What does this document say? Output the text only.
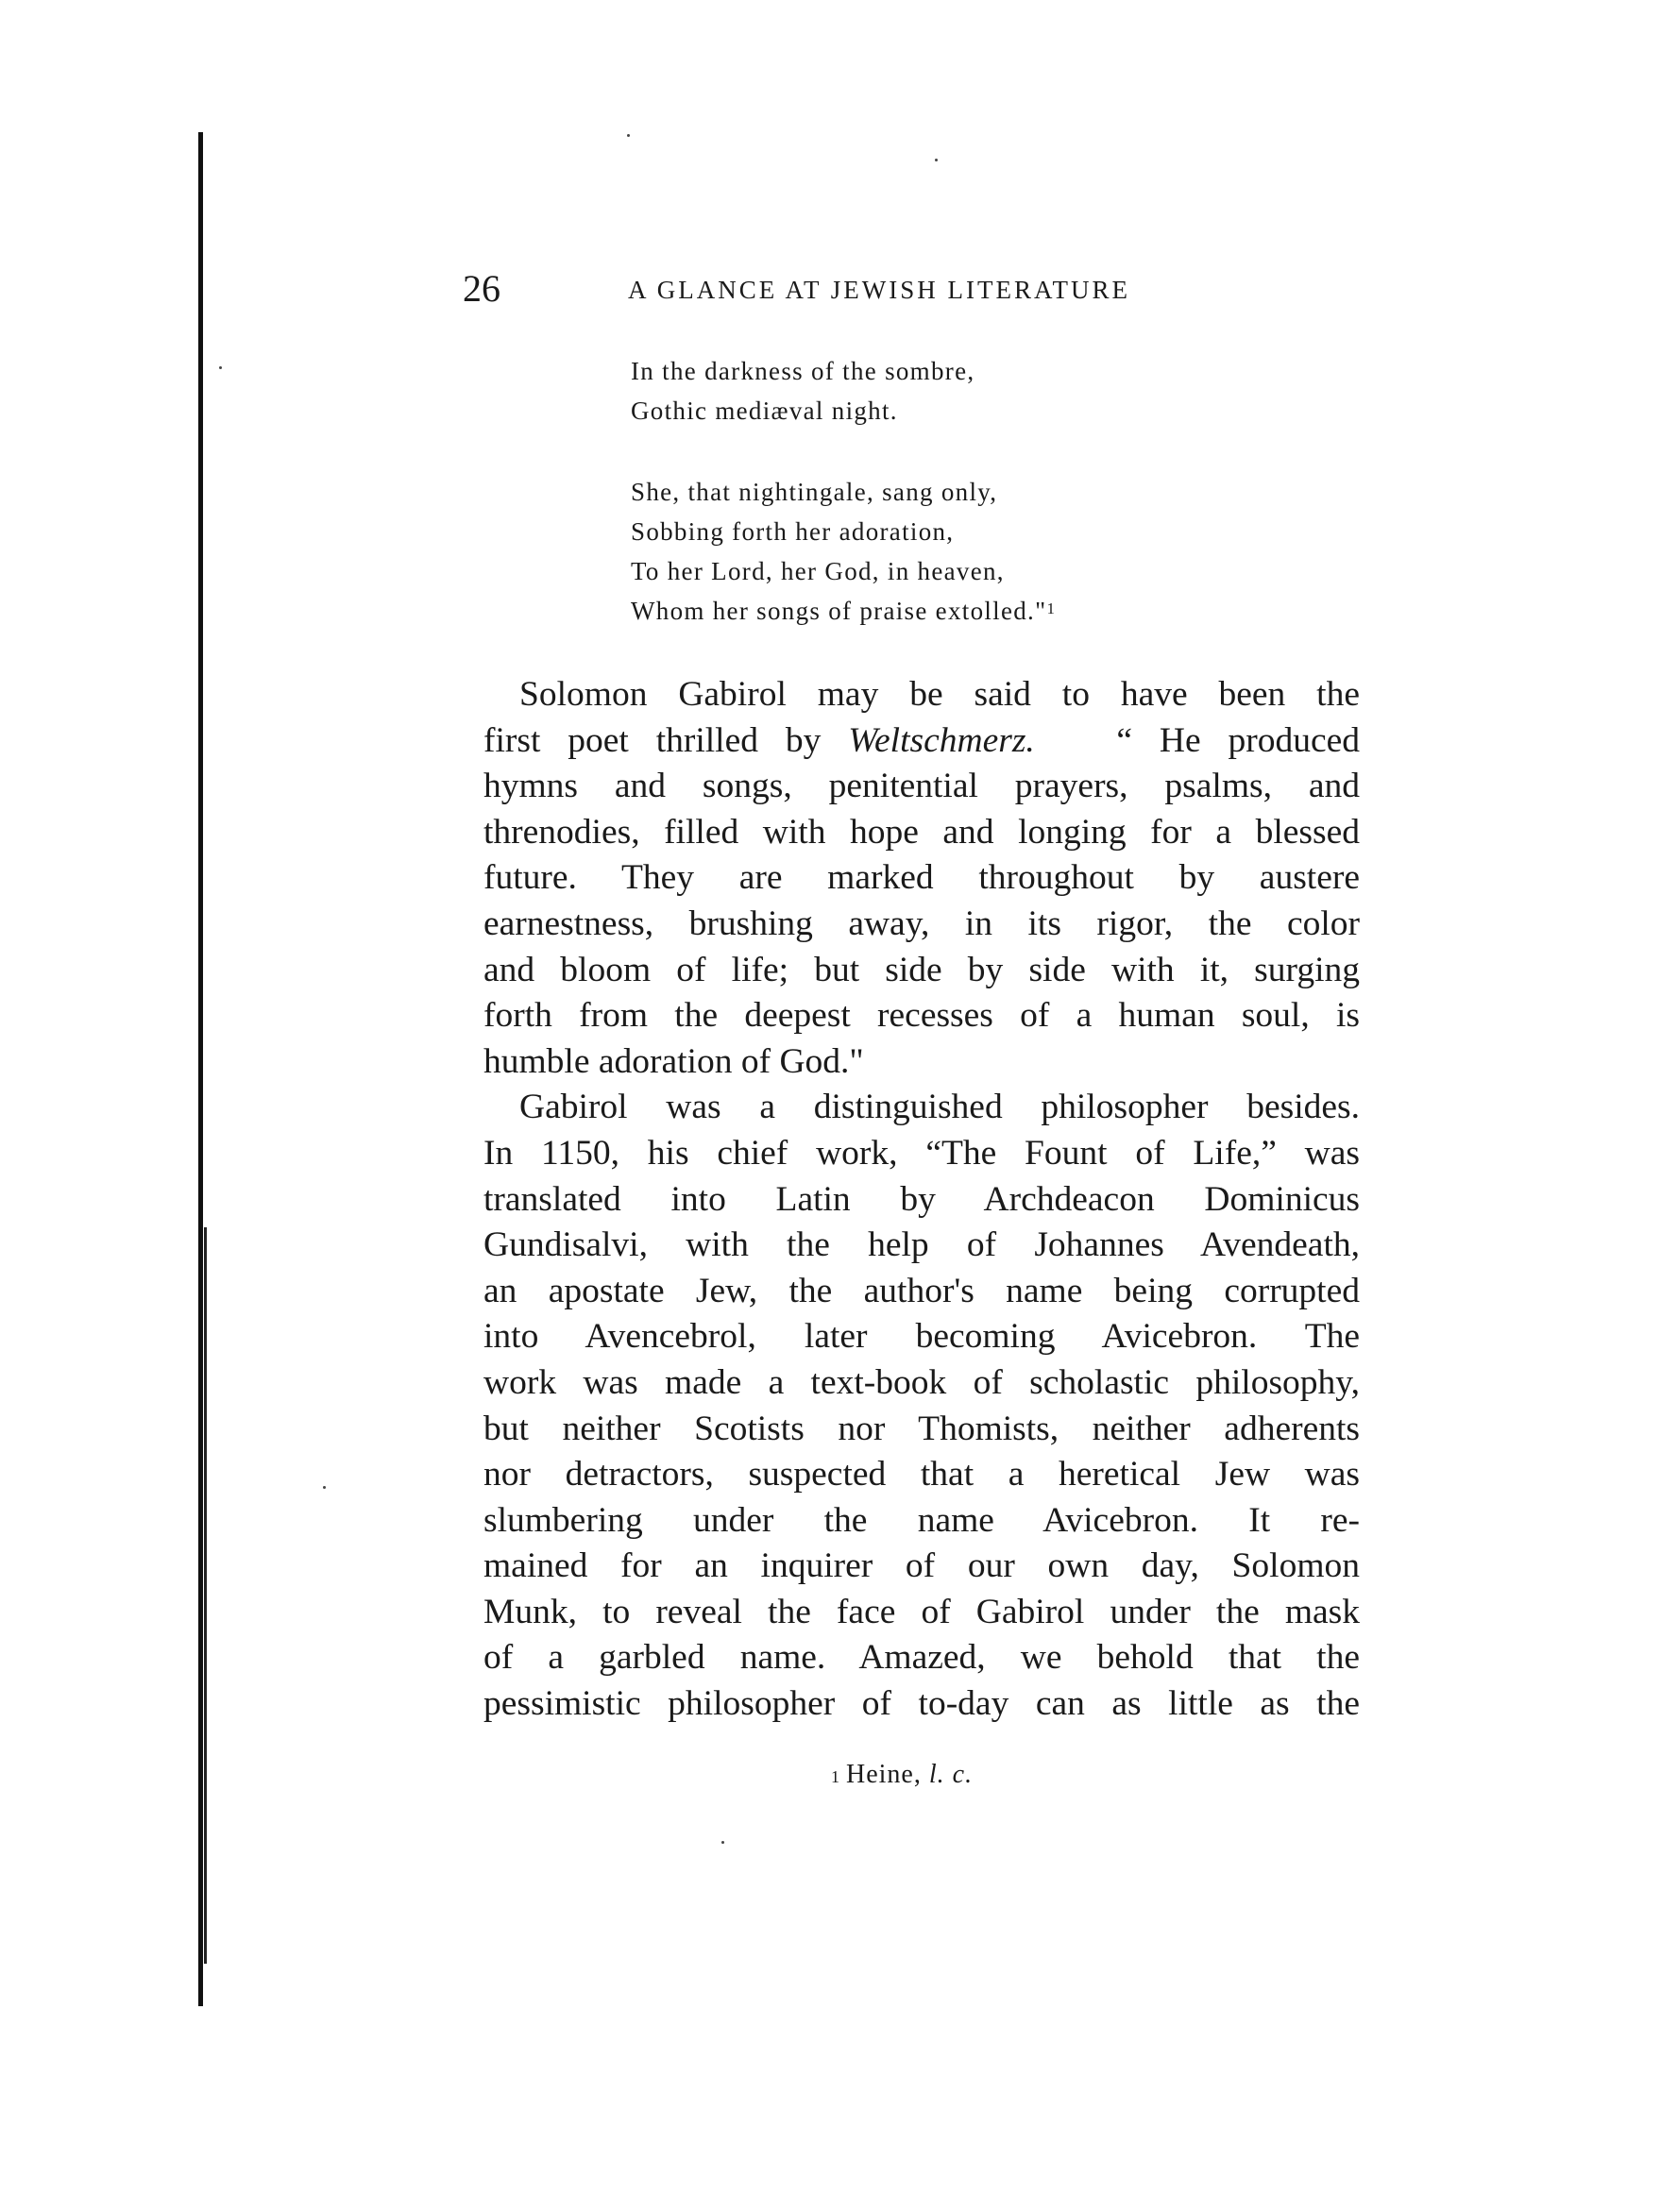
26	A GLANCE AT JEWISH LITERATURE
In the darkness of the sombre,
Gothic mediæval night.
She, that nightingale, sang only,
Sobbing forth her adoration,
To her Lord, her God, in heaven,
Whom her songs of praise extolled."$^1$
Solomon Gabirol may be said to have been the
first poet thrilled by Weltschmerz. “ He produced
hymns and songs, penitential prayers, psalms, and
threnodies, filled with hope and longing for a blessed
future. They are marked throughout by austere
earnestness, brushing away, in its rigor, the color
and bloom of life; but side by side with it, surging
forth from the deepest recesses of a human soul, is
humble adoration of God."
Gabirol was a distinguished philosopher besides.
In 1150, his chief work, “The Fount of Life,” was
translated into Latin by Archdeacon Dominicus
Gundisalvi, with the help of Johannes Avendeath,
an apostate Jew, the author's name being corrupted
into Avencebrol, later becoming Avicebron. The
work was made a text-book of scholastic philosophy,
but neither Scotists nor Thomists, neither adherents
nor detractors, suspected that a heretical Jew was
slumbering under the name Avicebron. It re-
mained for an inquirer of our own day, Solomon
Munk, to reveal the face of Gabirol under the mask
of a garbled name. Amazed, we behold that the
pessimistic philosopher of to-day can as little as the
$^1$ Heine, l. c.
